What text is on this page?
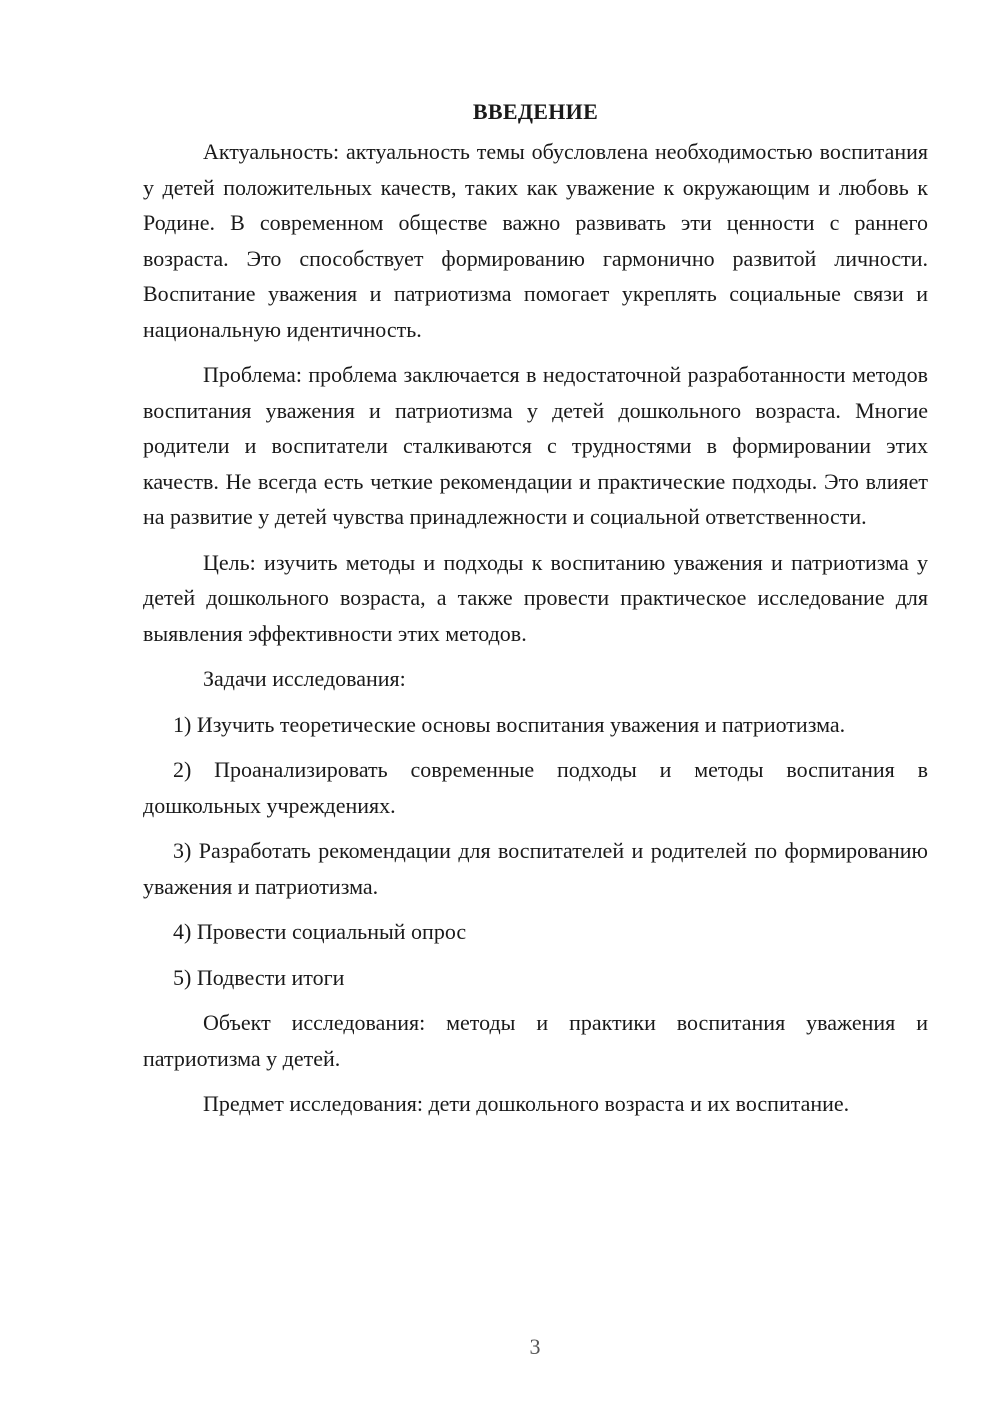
ВВЕДЕНИЕ

Актуальность: актуальность темы обусловлена необходимостью воспитания у детей положительных качеств, таких как уважение к окружающим и любовь к Родине. В современном обществе важно развивать эти ценности с раннего возраста. Это способствует формированию гармонично развитой личности. Воспитание уважения и патриотизма помогает укреплять социальные связи и национальную идентичность.

Проблема: проблема заключается в недостаточной разработанности методов воспитания уважения и патриотизма у детей дошкольного возраста. Многие родители и воспитатели сталкиваются с трудностями в формировании этих качеств. Не всегда есть четкие рекомендации и практические подходы. Это влияет на развитие у детей чувства принадлежности и социальной ответственности.

Цель: изучить методы и подходы к воспитанию уважения и патриотизма у детей дошкольного возраста, а также провести практическое исследование для выявления эффективности этих методов.

Задачи исследования:

1) Изучить теоретические основы воспитания уважения и патриотизма.

2) Проанализировать современные подходы и методы воспитания в дошкольных учреждениях.

3) Разработать рекомендации для воспитателей и родителей по формированию уважения и патриотизма.

4) Провести социальный опрос

5) Подвести итоги

Объект исследования: методы и практики воспитания уважения и патриотизма у детей.

Предмет исследования: дети дошкольного возраста и их воспитание.

3
